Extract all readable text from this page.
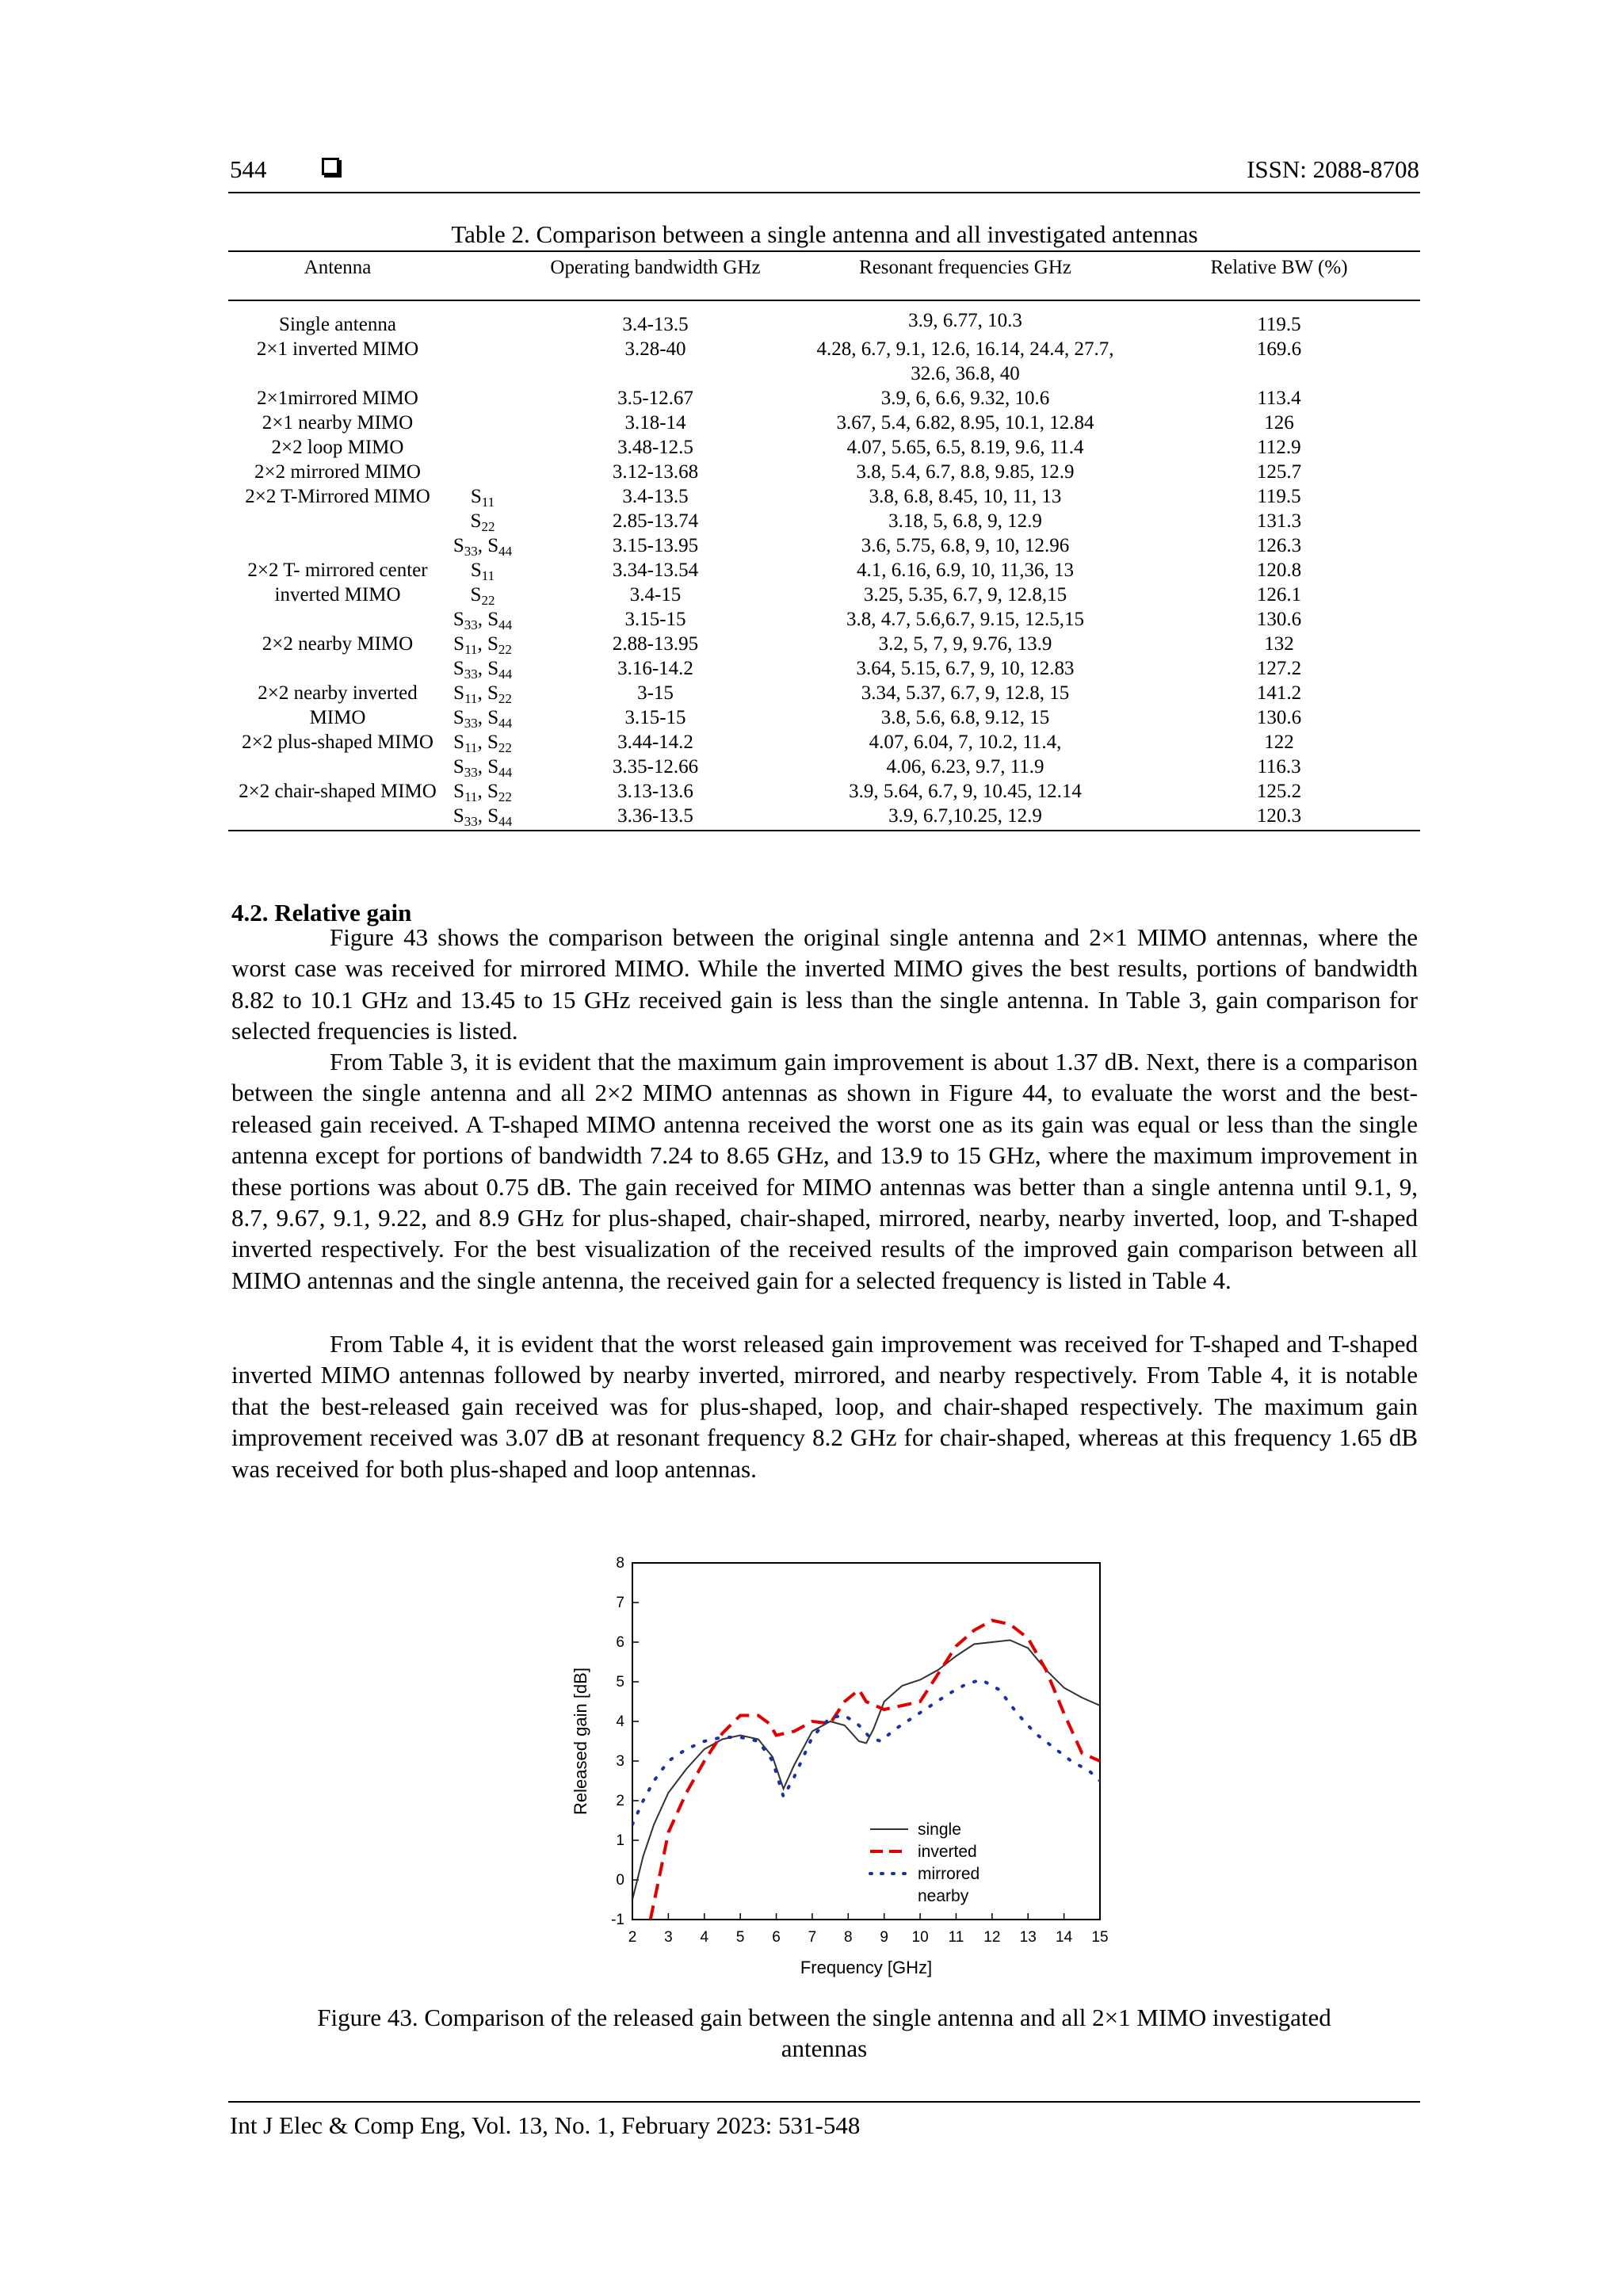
544	ISSN: 2088-8708
Table 2. Comparison between a single antenna and all investigated antennas
Antenna		Operating bandwidth GHz	Resonant frequencies GHz	Relative BW (%)
Single antenna		3.4-13.5	3.9, 6.77, 10.3	119.5
2×1 inverted MIMO		3.28-40	4.28, 6.7, 9.1, 12.6, 16.14, 24.4, 27.7, 32.6, 36.8, 40	169.6
2×1mirrored MIMO		3.5-12.67	3.9, 6, 6.6, 9.32, 10.6	113.4
2×1 nearby MIMO		3.18-14	3.67, 5.4, 6.82, 8.95, 10.1, 12.84	126
2×2 loop MIMO		3.48-12.5	4.07, 5.65, 6.5, 8.19, 9.6, 11.4	112.9
2×2 mirrored MIMO		3.12-13.68	3.8, 5.4, 6.7, 8.8, 9.85, 12.9	125.7
2×2 T-Mirrored MIMO	$S_{11}$	3.4-13.5	3.8, 6.8, 8.45, 10, 11, 13	119.5
	$S_{22}$	2.85-13.74	3.18, 5, 6.8, 9, 12.9	131.3
	$S_{33}$, $S_{44}$	3.15-13.95	3.6, 5.75, 6.8, 9, 10, 12.96	126.3
2×2 T- mirrored center	$S_{11}$	3.34-13.54	4.1, 6.16, 6.9, 10, 11,36, 13	120.8
inverted MIMO	$S_{22}$	3.4-15	3.25, 5.35, 6.7, 9, 12.8,15	126.1
	$S_{33}$, $S_{44}$	3.15-15	3.8, 4.7, 5.6,6.7, 9.15, 12.5,15	130.6
2×2 nearby MIMO	$S_{11}$, $S_{22}$	2.88-13.95	3.2, 5, 7, 9, 9.76, 13.9	132
	$S_{33}$, $S_{44}$	3.16-14.2	3.64, 5.15, 6.7, 9, 10, 12.83	127.2
2×2 nearby inverted	$S_{11}$, $S_{22}$	3-15	3.34, 5.37, 6.7, 9, 12.8, 15	141.2
MIMO	$S_{33}$, $S_{44}$	3.15-15	3.8, 5.6, 6.8, 9.12, 15	130.6
2×2 plus-shaped MIMO	$S_{11}$, $S_{22}$	3.44-14.2	4.07, 6.04, 7, 10.2, 11.4,	122
	$S_{33}$, $S_{44}$	3.35-12.66	4.06, 6.23, 9.7, 11.9	116.3
2×2 chair-shaped MIMO	$S_{11}$, $S_{22}$	3.13-13.6	3.9, 5.64, 6.7, 9, 10.45, 12.14	125.2
	$S_{33}$, $S_{44}$	3.36-13.5	3.9, 6.7,10.25, 12.9	120.3
4.2. Relative gain
Figure 43 shows the comparison between the original single antenna and 2×1 MIMO antennas, where the worst case was received for mirrored MIMO. While the inverted MIMO gives the best results, portions of bandwidth 8.82 to 10.1 GHz and 13.45 to 15 GHz received gain is less than the single antenna. In Table 3, gain comparison for selected frequencies is listed.
From Table 3, it is evident that the maximum gain improvement is about 1.37 dB. Next, there is a comparison between the single antenna and all 2×2 MIMO antennas as shown in Figure 44, to evaluate the worst and the best-released gain received. A T-shaped MIMO antenna received the worst one as its gain was equal or less than the single antenna except for portions of bandwidth 7.24 to 8.65 GHz, and 13.9 to 15 GHz, where the maximum improvement in these portions was about 0.75 dB. The gain received for MIMO antennas was better than a single antenna until 9.1, 9, 8.7, 9.67, 9.1, 9.22, and 8.9 GHz for plus-shaped, chair-shaped, mirrored, nearby, nearby inverted, loop, and T-shaped inverted respectively. For the best visualization of the received results of the improved gain comparison between all MIMO antennas and the single antenna, the received gain for a selected frequency is listed in Table 4.
From Table 4, it is evident that the worst released gain improvement was received for T-shaped and T-shaped inverted MIMO antennas followed by nearby inverted, mirrored, and nearby respectively. From Table 4, it is notable that the best-released gain received was for plus-shaped, loop, and chair-shaped respectively. The maximum gain improvement received was 3.07 dB at resonant frequency 8.2 GHz for chair-shaped, whereas at this frequency 1.65 dB was received for both plus-shaped and loop antennas.
2 3 4 5 6 7 8 9 10 11 12 13 14 15
-1
0
1
2
3
4
5
6
7
8
Frequency [GHz]
Released gain [dB]
single
inverted
mirrored
nearby
Figure 43. Comparison of the released gain between the single antenna and all 2×1 MIMO investigated
antennas
Int J Elec & Comp Eng, Vol. 13, No. 1, February 2023: 531-548
